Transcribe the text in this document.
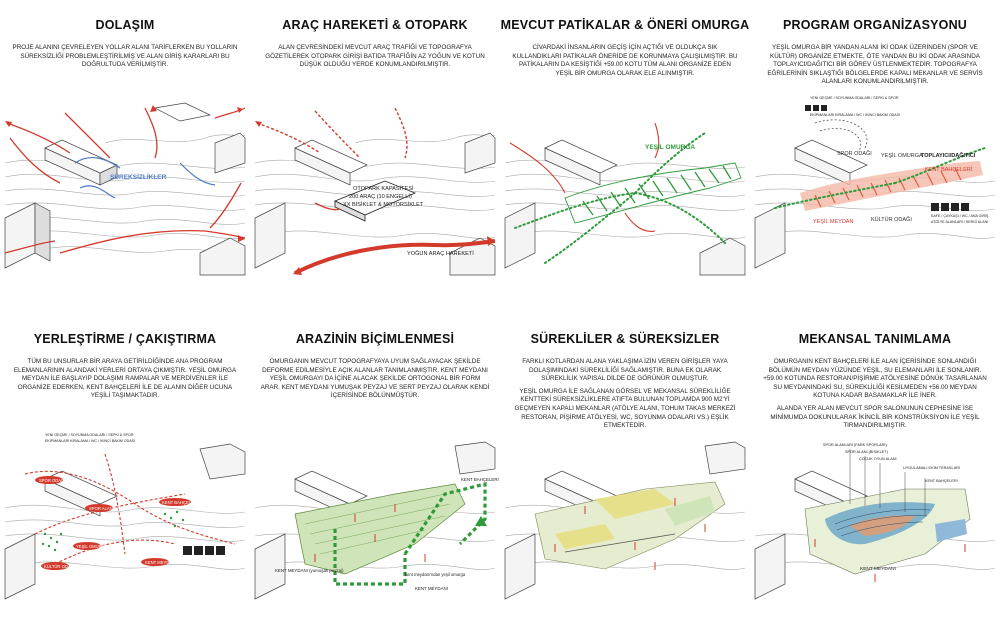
DOLAŞIM

PROJE ALANINI ÇEVRELEYEN YOLLAR ALANI TARİFLERKEN BU YOLLARIN SÜREKSİZLİĞİ PROBLEMLEŞTİRİLMİŞ VE ALAN GİRİŞ KARARLARI BU DOĞRULTUDA VERİLMİŞTİR.

SÜREKSİZLİKLER
ARAÇ HAREKETİ & OTOPARK

ALAN ÇEVRESİNDEKİ MEVCUT ARAÇ TRAFİĞİ VE TOPOGRAFYA GÖZETİLEREK OTOPARK GİRİŞİ BATIDA TRAFİĞİN AZ YOĞUN VE KOTUN DÜŞÜK OLDUĞU YERDE KONUMLANDIRILMIŞTIR.

OTOPARK KAPASİTESİ
200 ARAÇ (10 ENGELLİ)
XX BİSİKLET & MOTORSİKLET
YOĞUN ARAÇ HAREKETİ
MEVCUT PATİKALAR & ÖNERİ OMURGA

CİVARDAKİ İNSANLARIN GEÇİŞ İÇİN AÇTIĞI VE OLDUKÇA SIK KULLANDIKLARI PATİKALAR ÖNERİDE DE KORUNMAYA ÇALIŞILMIŞTIR. BU PATİKALARIN DA KESİŞTİĞİ +59.00 KOTU TÜM ALANI ORGANİZE EDEN YEŞİL BİR OMURGA OLARAK ELE ALINMIŞTIR.

YEŞİL OMURGA
PROGRAM ORGANİZASYONU

YEŞİL OMURGA BİR YANDAN ALANI İKİ ODAK ÜZERİNDEN (SPOR VE KÜLTÜR) ORGANİZE ETMEKTE, ÖTE YANDAN BU İKİ ODAK ARASINDA TOPLAYICI/DAĞITICI BİR GÖREV ÜSTLENMEKTEDİR. TOPOGRAFYA EĞRİLERİNİN SIKLAŞTIĞI BÖLGELERDE KAPALI MEKANLAR VE SERVİS ALANLARI KONUMLANDIRILMIŞTIR.

YENİ GEÇME / SOYUNMA ODALARI / SEPKİ & SPOR
EKİPMANLARI KİRALAMA / WC / İKİNCİ BAKIM ODASI
SPOR ODAĞI YEŞİL OMURGA
TOPLAYICI/DAĞITICI
KENT BAHÇELERİ
YEŞİL MEYDAN	KÜLTÜR ODAĞI
KAFE / ÇAYKAŞI / WC / ANA GİRİŞ
ATÖLYE ALANLARI / SERGİ ALANI
YERLEŞTİRME / ÇAKIŞTIRMA

TÜM BU UNSURLAR BİR ARAYA GETİRİLDİĞİNDE ANA PROGRAM ELEMANLARININ ALANDAKİ YERLERİ ORTAYA ÇIKMIŞTIR. YEŞİL OMURGA MEYDAN İLE BAŞLAYIP DOLAŞIMI RAMPALAR VE MERDİVENLER İLE ORGANİZE EDERKEN, KENT BAHÇELERİ İLE DE ALANIN DİĞER UCUNA YEŞİLİ TAŞIMAKTADIR.

YENİ GEÇME / SOYUNMA ODALARI / SEPKİ & SPOR
EKİPMANLARI KİRALAMA / WC / İKİNCİ BAKIM ODASI
SPOR ODAĞI
SPOR ALANLARI
KENT BAHÇELERİ
YEŞİL OMURGA
KÜLTÜR ODAĞI
KENT MEYDANI
ARAZİNİN BİÇİMLENMESİ

OMURGANIN MEVCUT TOPOGRAFYAYA UYUM SAĞLAYACAK ŞEKİLDE DEFORME EDİLMESİYLE AÇIK ALANLAR TANIMLANMIŞTIR. KENT MEYDANI YEŞİL OMURGAYI DA İÇİNE ALACAK ŞEKİLDE ORTOGONAL BİR FORM ARAR. KENT MEYDANI YUMUŞAK PEYZAJ VE SERT PEYZAJ OLARAK KENDİ İÇERİSİNDE BÖLÜNMÜŞTÜR.

KENT BAHÇELERİ
KENT MEYDANI (yumuşak peyzaj)
kent meydanı'ndan yeşil omurga
KENT MEYDANI
SÜREKLİLER & SÜREKSİZLER

FARKLI KOTLARDAN ALANA YAKLAŞIMA İZİN VEREN GİRİŞLER YAYA DOLAŞIMINDAKİ SÜREKLİLİĞİ SAĞLAMIŞTIR. BUNA EK OLARAK SÜREKLİLİK YAPISAL DİLDE DE GÖRÜNÜR OLMUŞTUR.

YEŞİL OMURGA İLE SAĞLANAN GÖRSEL VE MEKANSAL SÜREKLİLİĞE KENTTEKİ SÜREKSİZLİKLERE ATIFTA BULUNAN TOPLAMDA 900 M2'Yİ GEÇMEYEN KAPALI MEKANLAR (ATÖLYE ALANI, TOHUM TAKAS MERKEZİ RESTORAN, PİŞİRME ATÖLYESİ, WC, SOYUNMA ODALARI VS.) EŞLİK ETMEKTEDİR.

MEKANSAL TANIMLAMA

OMURGANIN KENT BAHÇELERİ İLE ALAN İÇERİSİNDE SONLANDIĞI BÖLÜMÜN MEYDAN YÜZÜNDE YEŞİL, SU ELEMANLARI İLE SONLANIR. +59.00 KOTUNDA RESTORAN/PİŞİRME ATÖLYESİNE DÖNÜK TASARLANAN SU MEYDANINDAKİ SU, SÜREKLİLİĞİ KESİLMEDEN +56.00 MEYDAN KOTUNA KADAR BASAMAKLAR İLE İNER.

ALANDA YER ALAN MEVCUT SPOR SALONUNUN CEPHESİNE İSE MİNİMUMDA DOKUNULARAK İKİNCİL BİR KONSTRÜKSİYON İLE YEŞİL TIRMANDIRILMIŞTIR.

SPOR ALANLARI (FARK SPORLARI)
SPOR ALANI (BİSİKLET)
ÇOCUK OYUN ALANI
UYGULAMALI EKİM TERASLARI
KENT BAHÇELERİ
KENT MEYDANI
